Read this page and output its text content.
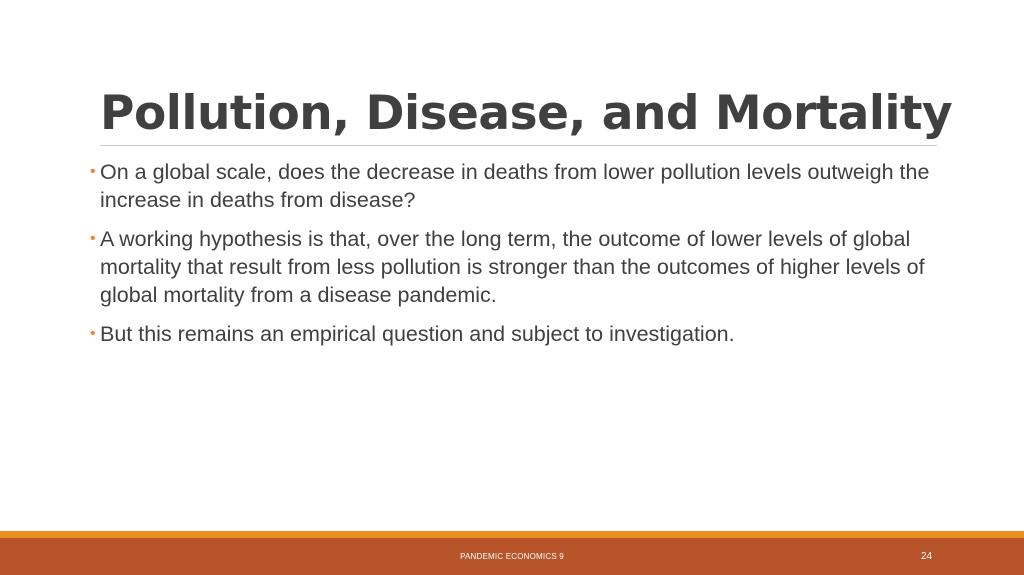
Pollution, Disease, and Mortality
• On a global scale, does the decrease in deaths from lower pollution levels outweigh the increase in deaths from disease?
• A working hypothesis is that, over the long term, the outcome of lower levels of global mortality that result from less pollution is stronger than the outcomes of higher levels of global mortality from a disease pandemic.
• But this remains an empirical question and subject to investigation.
PANDEMIC ECONOMICS 9	24
